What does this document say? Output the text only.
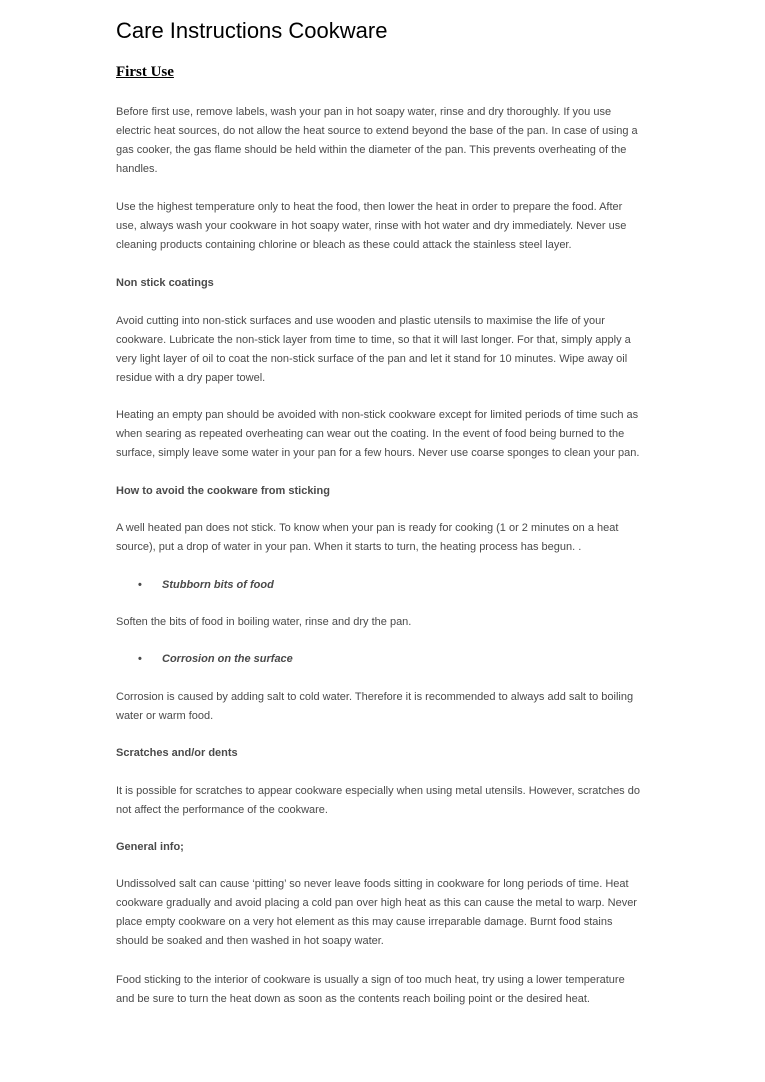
Care Instructions Cookware
First Use

Before first use, remove labels, wash your pan in hot soapy water, rinse and dry thoroughly. If you use electric heat sources, do not allow the heat source to extend beyond the base of the pan. In case of using a gas cooker, the gas flame should be held within the diameter of the pan. This prevents overheating of the handles.

Use the highest temperature only to heat the food, then lower the heat in order to prepare the food. After use, always wash your cookware in hot soapy water, rinse with hot water and dry immediately. Never use cleaning products containing chlorine or bleach as these could attack the stainless steel layer.

Non stick coatings

Avoid cutting into non-stick surfaces and use wooden and plastic utensils to maximise the life of your cookware. Lubricate the non-stick layer from time to time, so that it will last longer. For that, simply apply a very light layer of oil to coat the non-stick surface of the pan and let it stand for 10 minutes. Wipe away oil residue with a dry paper towel.

Heating an empty pan should be avoided with non-stick cookware except for limited periods of time such as when searing as repeated overheating can wear out the coating. In the event of food being burned to the surface, simply leave some water in your pan for a few hours. Never use coarse sponges to clean your pan.

How to avoid the cookware from sticking

A well heated pan does not stick. To know when your pan is ready for cooking (1 or 2 minutes on a heat source), put a drop of water in your pan. When it starts to turn, the heating process has begun. .

• Stubborn bits of food

Soften the bits of food in boiling water, rinse and dry the pan.

• Corrosion on the surface

Corrosion is caused by adding salt to cold water. Therefore it is recommended to always add salt to boiling water or warm food.

Scratches and/or dents

It is possible for scratches to appear cookware especially when using metal utensils. However, scratches do not affect the performance of the cookware.

General info;

Undissolved salt can cause ‘pitting’ so never leave foods sitting in cookware for long periods of time. Heat cookware gradually and avoid placing a cold pan over high heat as this can cause the metal to warp. Never place empty cookware on a very hot element as this may cause irreparable damage. Burnt food stains should be soaked and then washed in hot soapy water.

Food sticking to the interior of cookware is usually a sign of too much heat, try using a lower temperature and be sure to turn the heat down as soon as the contents reach boiling point or the desired heat.
